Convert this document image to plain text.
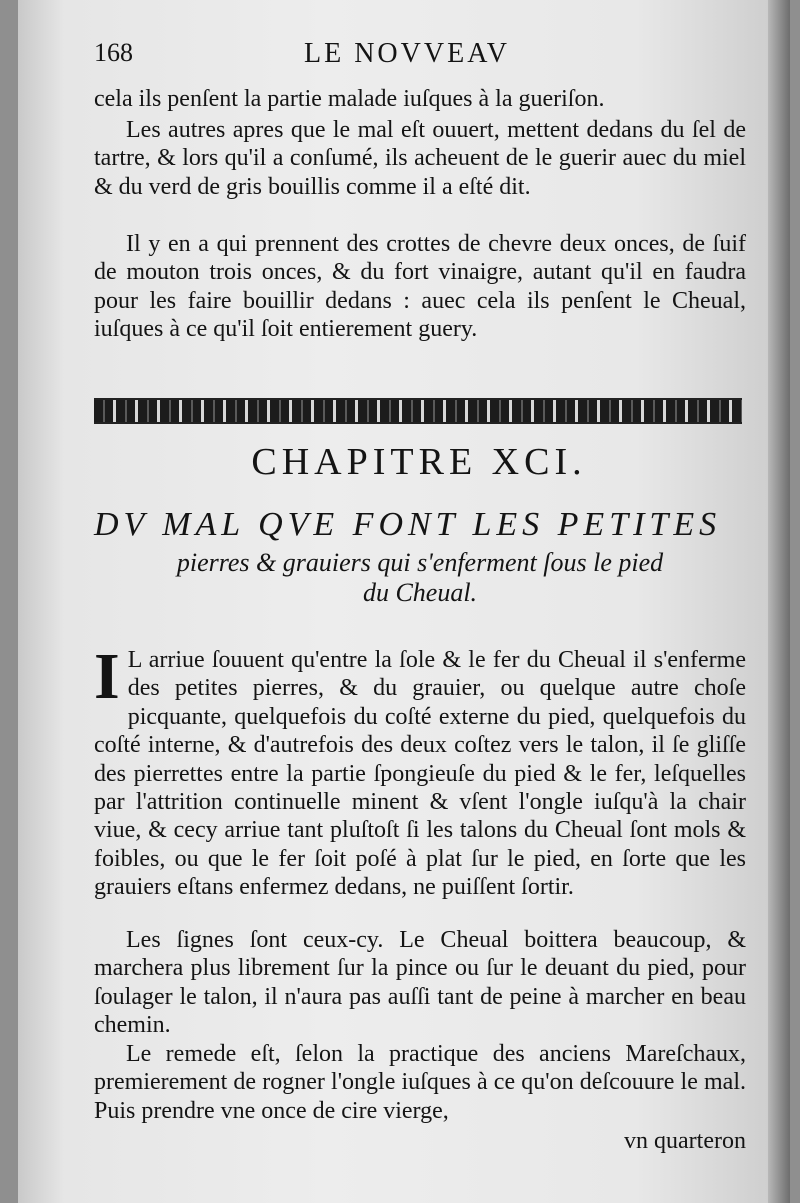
168	LE NOVVEAV

cela ils penſent la partie malade iuſques à la gueriſon.

Les autres apres que le mal eſt ouuert, mettent dedans du ſel de tartre, & lors qu'il a conſumé, ils acheuent de le guerir auec du miel & du verd de gris bouillis comme il a eſté dit.

Il y en a qui prennent des crottes de chevre deux onces, de ſuif de mouton trois onces, & du fort vinaigre, autant qu'il en faudra pour les faire bouillir dedans : auec cela ils penſent le Cheual, iuſques à ce qu'il ſoit entierement guery.

CHAPITRE XCI.
DV MAL QVE FONT LES PETITES
pierres & grauiers qui s'enferment ſous le pied
du Cheual.

I L arriue ſouuent qu'entre la ſole & le fer du Cheual il s'enferme des petites pierres, & du grauier, ou quelque autre choſe picquante, quelquefois du coſté externe du pied, quelquefois du coſté interne, & d'autrefois des deux coſtez vers le talon, il ſe gliſſe des pierrettes entre la partie ſpongieuſe du pied & le fer, leſquelles par l'attrition continuelle minent & vſent l'ongle iuſqu'à la chair viue, & cecy arriue tant pluſtoſt ſi les talons du Cheual ſont mols & foibles, ou que le fer ſoit poſé à plat ſur le pied, en ſorte que les grauiers eſtans enfermez dedans, ne puiſſent ſortir.

Les ſignes ſont ceux-cy. Le Cheual boittera beaucoup, & marchera plus librement ſur la pince ou ſur le deuant du pied, pour ſoulager le talon, il n'aura pas auſſi tant de peine à marcher en beau chemin.

Le remede eſt, ſelon la practique des anciens Mareſchaux, premierement de rogner l'ongle iuſques à ce qu'on deſcouure le mal. Puis prendre vne once de cire vierge,

vn quarteron
